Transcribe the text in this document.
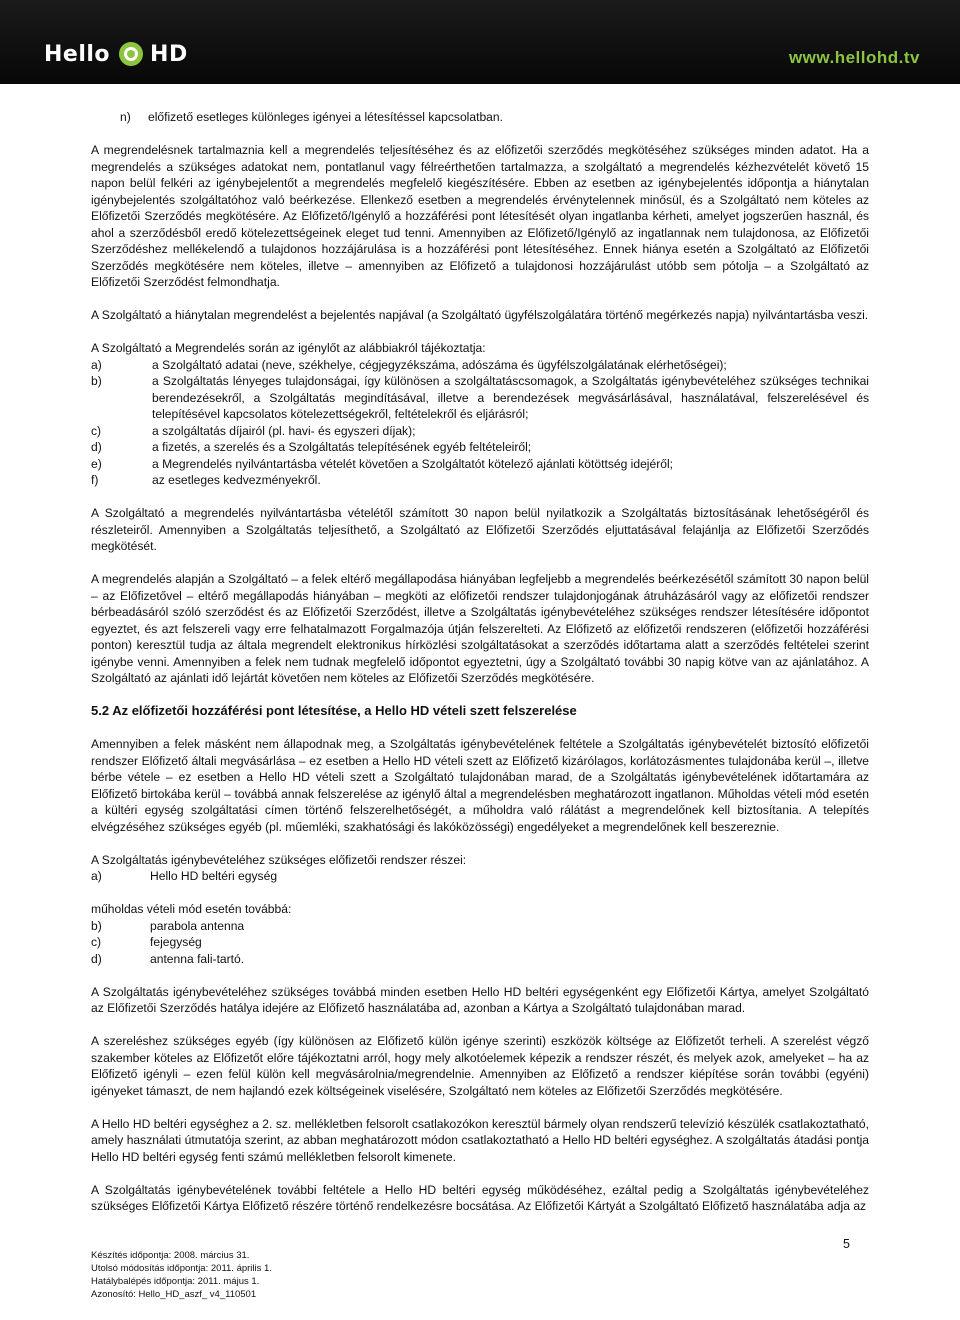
Hello HD	www.hellohd.tv
n)	előfizető esetleges különleges igényei a létesítéssel kapcsolatban.

A megrendelésnek tartalmaznia kell a megrendelés teljesítéséhez és az előfizetői szerződés megkötéséhez szükséges minden adatot. Ha a megrendelés a szükséges adatokat nem, pontatlanul vagy félreérthetően tartalmazza, a szolgáltató a megrendelés kézhezvételét követő 15 napon belül felkéri az igénybejelentőt a megrendelés megfelelő kiegészítésére. Ebben az esetben az igénybejelentés időpontja a hiánytalan igénybejelentés szolgáltatóhoz való beérkezése. Ellenkező esetben a megrendelés érvénytelennek minősül, és a Szolgáltató nem köteles az Előfizetői Szerződés megkötésére. Az Előfizető/Igénylő a hozzáférési pont létesítését olyan ingatlanba kérheti, amelyet jogszerűen használ, és ahol a szerződésből eredő kötelezettségeinek eleget tud tenni. Amennyiben az Előfizető/Igénylő az ingatlannak nem tulajdonosa, az Előfizetői Szerződéshez mellékelendő a tulajdonos hozzájárulása is a hozzáférési pont létesítéséhez. Ennek hiánya esetén a Szolgáltató az Előfizetői Szerződés megkötésére nem köteles, illetve – amennyiben az Előfizető a tulajdonosi hozzájárulást utóbb sem pótolja – a Szolgáltató az Előfizetői Szerződést felmondhatja.

A Szolgáltató a hiánytalan megrendelést a bejelentés napjával (a Szolgáltató ügyfélszolgálatára történő megérkezés napja) nyilvántartásba veszi.

A Szolgáltató a Megrendelés során az igénylőt az alábbiakról tájékoztatja:
a)	a Szolgáltató adatai (neve, székhelye, cégjegyzékszáma, adószáma és ügyfélszolgálatának elérhetőségei);
b)	a Szolgáltatás lényeges tulajdonságai, így különösen a szolgáltatáscsomagok, a Szolgáltatás igénybevételéhez szükséges technikai berendezésekről, a Szolgáltatás megindításával, illetve a berendezések megvásárlásával, használatával, felszerelésével és telepítésével kapcsolatos kötelezettségekről, feltételekről és eljárásról;
c)	a szolgáltatás díjairól (pl. havi- és egyszeri díjak);
d)	a fizetés, a szerelés és a Szolgáltatás telepítésének egyéb feltételeiről;
e)	a Megrendelés nyilvántartásba vételét követően a Szolgáltatót kötelező ajánlati kötöttség idejéről;
f)	az esetleges kedvezményekről.

A Szolgáltató a megrendelés nyilvántartásba vételétől számított 30 napon belül nyilatkozik a Szolgáltatás biztosításának lehetőségéről és részleteiről. Amennyiben a Szolgáltatás teljesíthető, a Szolgáltató az Előfizetői Szerződés eljuttatásával felajánlja az Előfizetői Szerződés megkötését.

A megrendelés alapján a Szolgáltató – a felek eltérő megállapodása hiányában legfeljebb a megrendelés beérkezésétől számított 30 napon belül – az Előfizetővel – eltérő megállapodás hiányában – megköti az előfizetői rendszer tulajdonjogának átruházásáról vagy az előfizetői rendszer bérbeadásáról szóló szerződést és az Előfizetői Szerződést, illetve a Szolgáltatás igénybevételéhez szükséges rendszer létesítésére időpontot egyeztet, és azt felszereli vagy erre felhatalmazott Forgalmazója útján felszerelteti. Az Előfizető az előfizetői rendszeren (előfizetői hozzáférési ponton) keresztül tudja az általa megrendelt elektronikus hírközlési szolgáltatásokat a szerződés időtartama alatt a szerződés feltételei szerint igénybe venni. Amennyiben a felek nem tudnak megfelelő időpontot egyeztetni, úgy a Szolgáltató további 30 napig kötve van az ajánlatához. A Szolgáltató az ajánlati idő lejártát követően nem köteles az Előfizetői Szerződés megkötésére.

5.2 Az előfizetői hozzáférési pont létesítése, a Hello HD vételi szett felszerelése

Amennyiben a felek másként nem állapodnak meg, a Szolgáltatás igénybevételének feltétele a Szolgáltatás igénybevételét biztosító előfizetői rendszer Előfizető általi megvásárlása – ez esetben a Hello HD vételi szett az Előfizető kizárólagos, korlátozásmentes tulajdonába kerül –, illetve bérbe vétele – ez esetben a Hello HD vételi szett a Szolgáltató tulajdonában marad, de a Szolgáltatás igénybevételének időtartamára az Előfizető birtokába kerül – továbbá annak felszerelése az igénylő által a megrendelésben meghatározott ingatlanon. Műholdas vételi mód esetén a kültéri egység szolgáltatási címen történő felszerelhetőségét, a műholdra való rálátást a megrendelőnek kell biztosítania. A telepítés elvégzéséhez szükséges egyéb (pl. műemléki, szakhatósági és lakóközösségi) engedélyeket a megrendelőnek kell beszereznie.

A Szolgáltatás igénybevételéhez szükséges előfizetői rendszer részei:
a)	Hello HD beltéri egység
műholdas vételi mód esetén továbbá:
b)	parabola antenna
c)	fejegység
d)	antenna fali-tartó.

A Szolgáltatás igénybevételéhez szükséges továbbá minden esetben Hello HD beltéri egységenként egy Előfizetői Kártya, amelyet Szolgáltató az Előfizetői Szerződés hatálya idejére az Előfizető használatába ad, azonban a Kártya a Szolgáltató tulajdonában marad.

A szereléshez szükséges egyéb (így különösen az Előfizető külön igénye szerinti) eszközök költsége az Előfizetőt terheli. A szerelést végző szakember köteles az Előfizetőt előre tájékoztatni arról, hogy mely alkotóelemek képezik a rendszer részét, és melyek azok, amelyeket – ha az Előfizető igényli – ezen felül külön kell megvásárolnia/megrendelnie. Amennyiben az Előfizető a rendszer kiépítése során további (egyéni) igényeket támaszt, de nem hajlandó ezek költségeinek viselésére, Szolgáltató nem köteles az Előfizetői Szerződés megkötésére.

A Hello HD beltéri egységhez a 2. sz. mellékletben felsorolt csatlakozókon keresztül bármely olyan rendszerű televízió készülék csatlakoztatható, amely használati útmutatója szerint, az abban meghatározott módon csatlakoztatható a Hello HD beltéri egységhez. A szolgáltatás átadási pontja Hello HD beltéri egység fenti számú mellékletben felsorolt kimenete.

A Szolgáltatás igénybevételének további feltétele a Hello HD beltéri egység működéséhez, ezáltal pedig a Szolgáltatás igénybevételéhez szükséges Előfizetői Kártya Előfizető részére történő rendelkezésre bocsátása. Az Előfizetői Kártyát a Szolgáltató Előfizető használatába adja az

5
Készítés időpontja: 2008. március 31.
Utolsó módosítás időpontja: 2011. április 1.
Hatálybalépés időpontja: 2011. május 1.
Azonosító: Hello_HD_aszf_ v4_110501
